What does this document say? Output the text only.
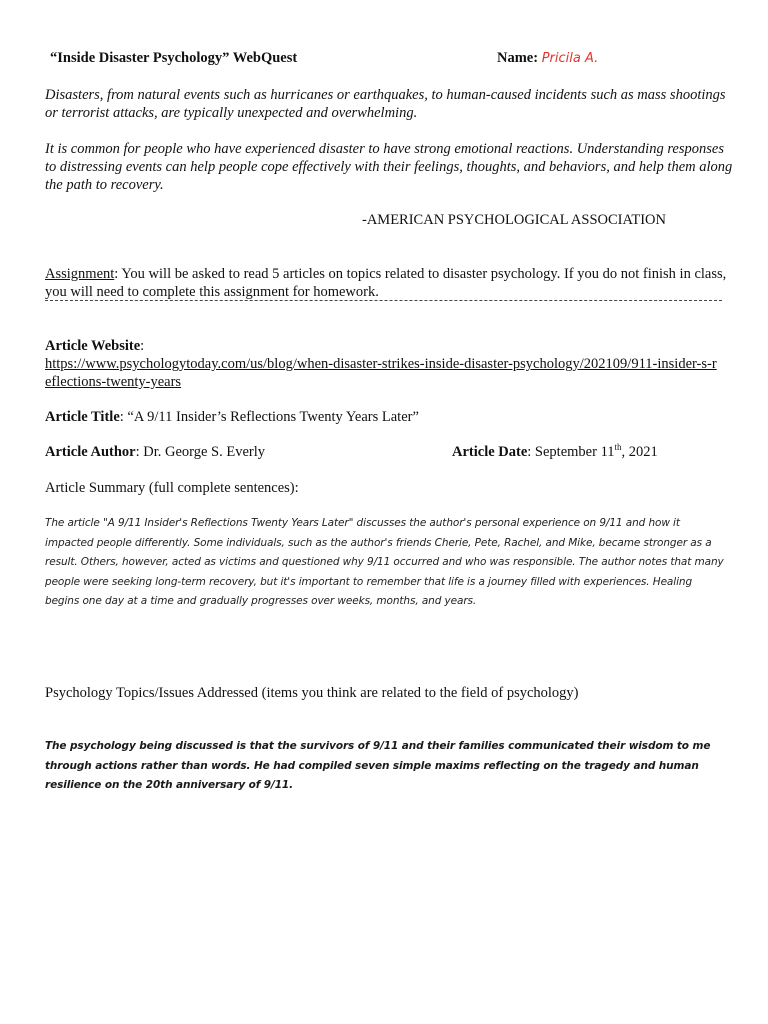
“Inside Disaster Psychology” WebQuest	Name: Pricila A.
Disasters, from natural events such as hurricanes or earthquakes, to human-caused incidents such as mass shootings or terrorist attacks, are typically unexpected and overwhelming.
It is common for people who have experienced disaster to have strong emotional reactions. Understanding responses to distressing events can help people cope effectively with their feelings, thoughts, and behaviors, and help them along the path to recovery.
-AMERICAN PSYCHOLOGICAL ASSOCIATION
Assignment: You will be asked to read 5 articles on topics related to disaster psychology. If you do not finish in class, you will need to complete this assignment for homework.
Article Website:
https://www.psychologytoday.com/us/blog/when-disaster-strikes-inside-disaster-psychology/202109/911-insider-s-reflections-twenty-years
Article Title: “A 9/11 Insider’s Reflections Twenty Years Later”
Article Author: Dr. George S. Everly	Article Date: September 11th, 2021
Article Summary (full complete sentences):
The article "A 9/11 Insider's Reflections Twenty Years Later" discusses the author's personal experience on 9/11 and how it impacted people differently. Some individuals, such as the author's friends Cherie, Pete, Rachel, and Mike, became stronger as a result. Others, however, acted as victims and questioned why 9/11 occurred and who was responsible. The author notes that many people were seeking long-term recovery, but it's important to remember that life is a journey filled with experiences. Healing begins one day at a time and gradually progresses over weeks, months, and years.
Psychology Topics/Issues Addressed (items you think are related to the field of psychology)
The psychology being discussed is that the survivors of 9/11 and their families communicated their wisdom to me through actions rather than words. He had compiled seven simple maxims reflecting on the tragedy and human resilience on the 20th anniversary of 9/11.
